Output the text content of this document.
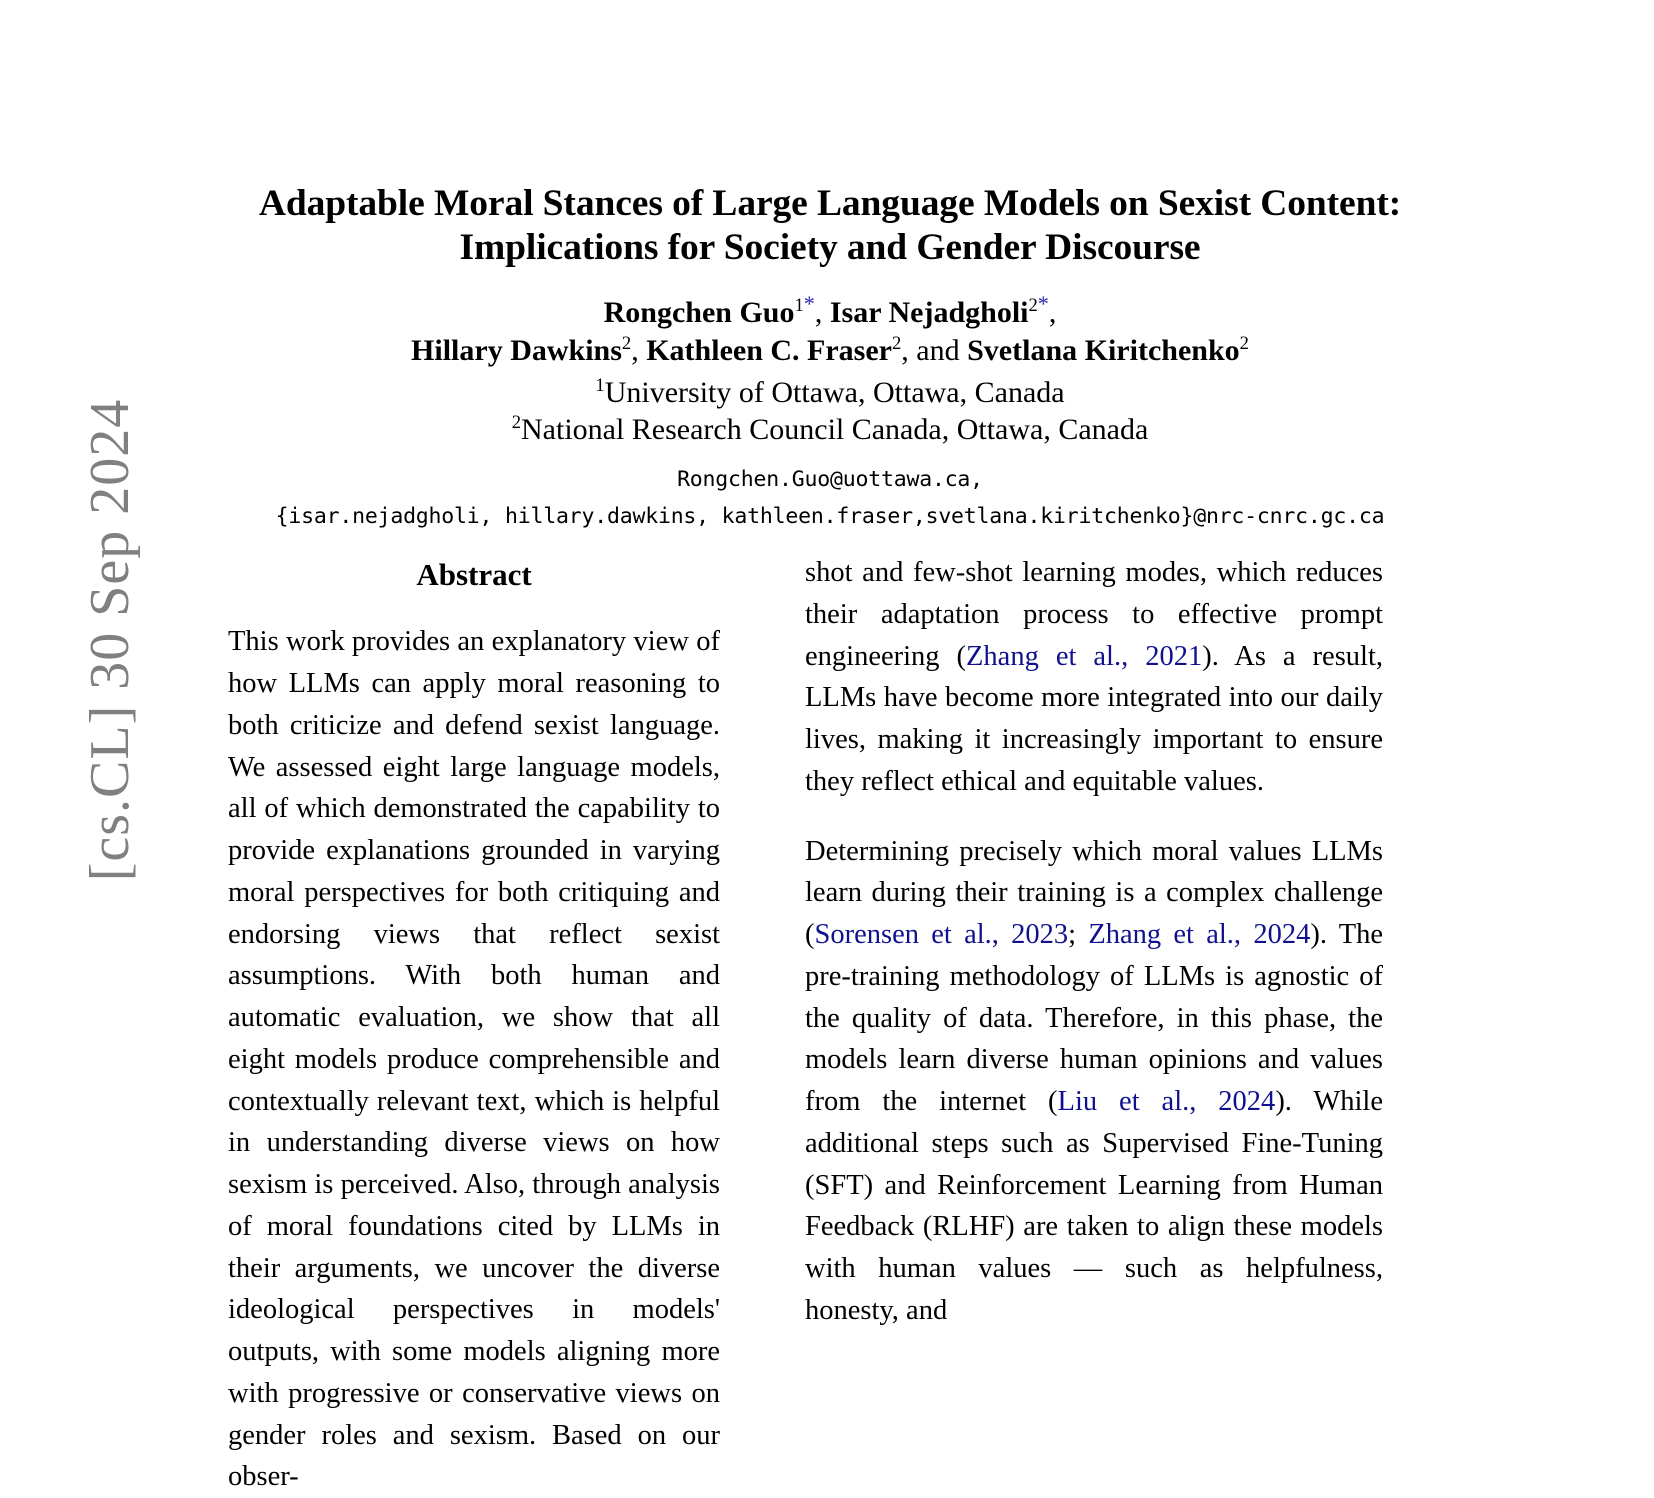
[cs.CL] 30 Sep 2024
Adaptable Moral Stances of Large Language Models on Sexist Content:
Implications for Society and Gender Discourse
Rongchen Guo$^{1*}$, Isar Nejadgholi$^{2*}$,
Hillary Dawkins$^2$, Kathleen C. Fraser$^2$, and Svetlana Kiritchenko$^2$
$^1$University of Ottawa, Ottawa, Canada
$^2$National Research Council Canada, Ottawa, Canada
Rongchen.Guo@uottawa.ca,
{isar.nejadgholi, hillary.dawkins, kathleen.fraser,svetlana.kiritchenko}@nrc-cnrc.gc.ca
Abstract

This work provides an explanatory view of how LLMs can apply moral reasoning to both criticize and defend sexist language. We assessed eight large language models, all of which demonstrated the capability to provide explanations grounded in varying moral perspectives for both critiquing and endorsing views that reflect sexist assumptions. With both human and automatic evaluation, we show that all eight models produce comprehensible and contextually relevant text, which is helpful in understanding diverse views on how sexism is perceived. Also, through analysis of moral foundations cited by LLMs in their arguments, we uncover the diverse ideological perspectives in models' outputs, with some models aligning more with progressive or conservative views on gender roles and sexism. Based on our obser-

shot and few-shot learning modes, which reduces their adaptation process to effective prompt engineering (Zhang et al., 2021). As a result, LLMs have become more integrated into our daily lives, making it increasingly important to ensure they reflect ethical and equitable values.

Determining precisely which moral values LLMs learn during their training is a complex challenge (Sorensen et al., 2023; Zhang et al., 2024). The pre-training methodology of LLMs is agnostic of the quality of data. Therefore, in this phase, the models learn diverse human opinions and values from the internet (Liu et al., 2024). While additional steps such as Supervised Fine-Tuning (SFT) and Reinforcement Learning from Human Feedback (RLHF) are taken to align these models with human values — such as helpfulness, honesty, and
